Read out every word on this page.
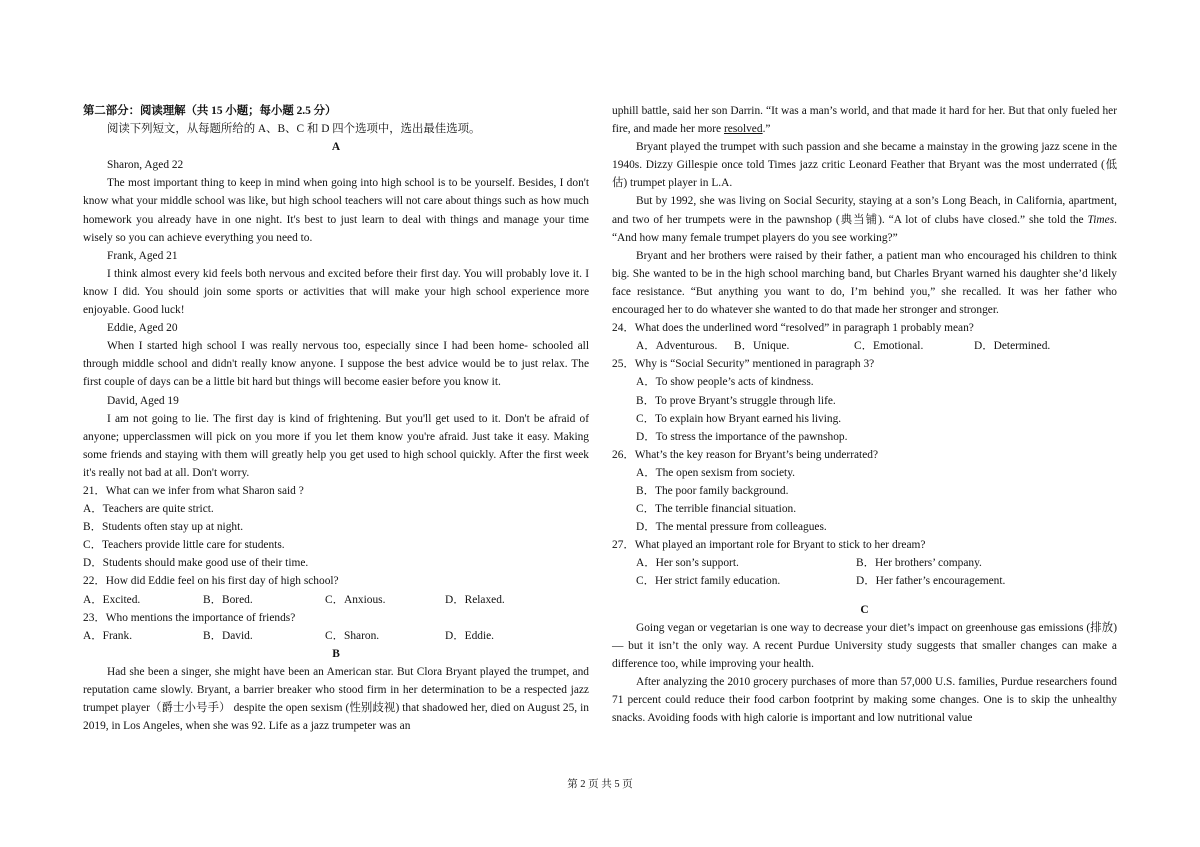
第二部分：阅读理解（共 15 小题；每小题 2.5 分）

阅读下列短文，从每题所给的 A、B、C 和 D 四个选项中，选出最佳选项。

A

Sharon, Aged 22

The most important thing to keep in mind when going into high school is to be yourself. Besides, I don't know what your middle school was like, but high school teachers will not care about things such as how much homework you already have in one night. It's best to just learn to deal with things and manage your time wisely so you can achieve everything you need to.

Frank, Aged 21

I think almost every kid feels both nervous and excited before their first day. You will probably love it. I know I did. You should join some sports or activities that will make your high school experience more enjoyable. Good luck!

Eddie, Aged 20

When I started high school I was really nervous too, especially since I had been home- schooled all through middle school and didn't really know anyone. I suppose the best advice would be to just relax. The first couple of days can be a little bit hard but things will become easier before you know it.

David, Aged 19

I am not going to lie. The first day is kind of frightening. But you'll get used to it. Don't be afraid of anyone; upperclassmen will pick on you more if you let them know you're afraid. Just take it easy. Making some friends and staying with them will greatly help you get used to high school quickly. After the first week it's really not bad at all. Don't worry.

21．What can we infer from what Sharon said ?

A．Teachers are quite strict.

B．Students often stay up at night.

C．Teachers provide little care for students.

D．Students should make good use of their time.

22．How did Eddie feel on his first day of high school?

A．Excited.	B．Bored.	C．Anxious.	D．Relaxed.

23．Who mentions the importance of friends?

A．Frank.	B．David.	C．Sharon.	D．Eddie.

B

Had she been a singer, she might have been an American star. But Clora Bryant played the trumpet, and reputation came slowly. Bryant, a barrier breaker who stood firm in her determination to be a respected jazz trumpet player（爵士小号手） despite the open sexism (性别歧视) that shadowed her, died on August 25, in 2019, in Los Angeles, when she was 92. Life as a jazz trumpeter was an

uphill battle, said her son Darrin. “It was a man’s world, and that made it hard for her. But that only fueled her fire, and made her more resolved.”

Bryant played the trumpet with such passion and she became a mainstay in the growing jazz scene in the 1940s. Dizzy Gillespie once told Times jazz critic Leonard Feather that Bryant was the most underrated (低估) trumpet player in L.A.

But by 1992, she was living on Social Security, staying at a son’s Long Beach, in California, apartment, and two of her trumpets were in the pawnshop (典当铺). “A lot of clubs have closed.” she told the Times. “And how many female trumpet players do you see working?”

Bryant and her brothers were raised by their father, a patient man who encouraged his children to think big. She wanted to be in the high school marching band, but Charles Bryant warned his daughter she’d likely face resistance. “But anything you want to do, I’m behind you,” she recalled. It was her father who encouraged her to do whatever she wanted to do that made her stronger and stronger.

24．What does the underlined word “resolved” in paragraph 1 probably mean?

A．Adventurous.	B．Unique.	C．Emotional.	D．Determined.

25．Why is “Social Security” mentioned in paragraph 3?

A．To show people’s acts of kindness.

B．To prove Bryant’s struggle through life.

C．To explain how Bryant earned his living.

D．To stress the importance of the pawnshop.

26．What’s the key reason for Bryant’s being underrated?

A．The open sexism from society.

B．The poor family background.

C．The terrible financial situation.

D．The mental pressure from colleagues.

27．What played an important role for Bryant to stick to her dream?

A．Her son’s support.	B．Her brothers’ company.
C．Her strict family education.	D．Her father’s encouragement.

C

Going vegan or vegetarian is one way to decrease your diet’s impact on greenhouse gas emissions (排放) — but it isn’t the only way. A recent Purdue University study suggests that smaller changes can make a difference too, while improving your health.

After analyzing the 2010 grocery purchases of more than 57,000 U.S. families, Purdue researchers found 71 percent could reduce their food carbon footprint by making some changes. One is to skip the unhealthy snacks. Avoiding foods with high calorie is important and low nutritional value

第 2 页 共 5 页
